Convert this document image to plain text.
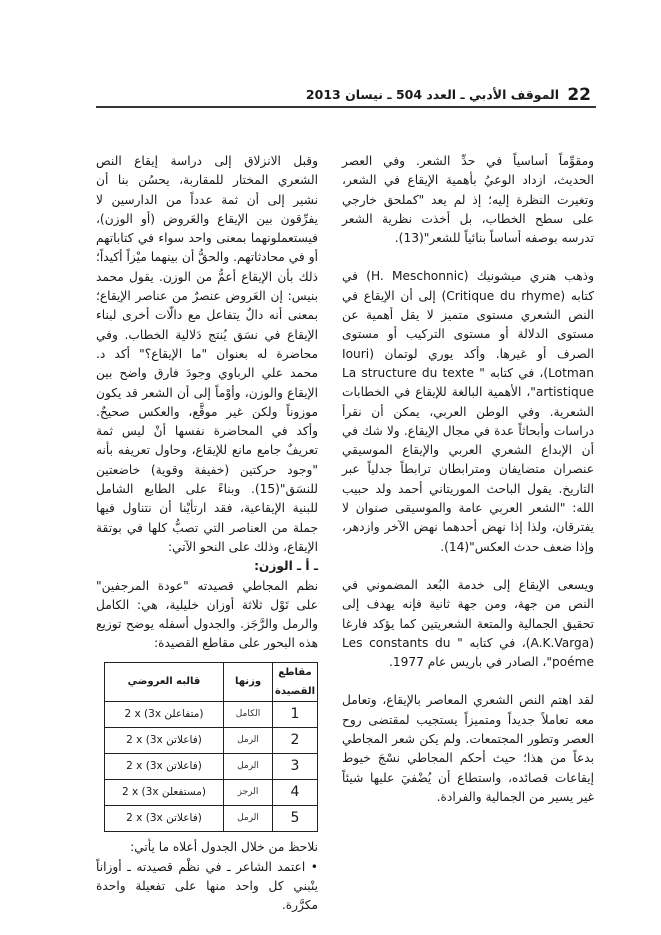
22
الموقف الأدبي ـ العدد 504 ـ نيسان 2013

ومقوِّماً أساسياً في حدِّ الشعر. وفي العصر الحديث، ازداد الوعيُ بأهمية الإيقاع في الشعر، وتغيرت النظرة إليه؛ إذ لم يعد "كملحق خارجي على سطح الخطاب، بل أخذت نظرية الشعر تدرسه بوصفه أساساً بنائياً للشعر"(13).

وذهب هنري ميشونيك (H. Meschonnic) في كتابه (Critique du rhyme) إلى أن الإيقاع في النص الشعري مستوى متميز لا يقل أهمية عن مستوى الدلالة أو مستوى التركيب أو مستوى الصرف أو غيرها. وأكد يوري لوتمان (Iouri Lotman)، في كتابه " La structure du texte artistique"، الأهمية البالغة للإيقاع في الخطابات الشعرية. وفي الوطن العربي، يمكن أن نقرأ دراسات وأبحاثاً عدة في مجال الإيقاع. ولا شك في أن الإبداع الشعري العربي والإيقاع الموسيقي عنصران متضايفان ومترابطان ترابطاً جدلياً عبر التاريخ. يقول الباحث الموريتاني أحمد ولد حبيب الله: "الشعر العربي عامة والموسيقى صنوان لا يفترقان، ولذا إذا نهض أحدهما نهض الآخر وازدهر، وإذا ضعف حدث العكس"(14).

ويسعى الإيقاع إلى خدمة البُعد المضموني في النص من جهة، ومن جهة ثانية فإنه يهدف إلى تحقيق الجمالية والمتعة الشعريتين كما يؤكد فارغا (A.K.Varga)، في كتابه " Les constants du poéme"، الصادر في باريس عام 1977.

لقد اهتم النص الشعري المعاصر بالإيقاع، وتعامل معه تعاملاً جديداً ومتميزاً يستجيب لمقتضى روح العصر وتطور المجتمعات. ولم يكن شعر المجاطي بدعاً من هذا؛ حيث أحكم المجاطي نسْجَ خيوط إيقاعات قصائده، واستطاع أن يُضْفيَ عليها شيئاً غير يسير من الجمالية والفرادة.

وقبل الانزلاق إلى دراسة إيقاع النص الشعري المختار للمقاربة، يحسُن بنا أن نشير إلى أن ثمة عدداً من الدارسين لا يفرِّقون بين الإيقاع والعَروض (أو الوزن)، فيستعملونهما بمعنى واحد سواء في كتاباتهم أو في محادثاتهم. والحقُّ أن بينهما ميْزاً أكيداً؛ ذلك بأن الإيقاع أعمُّ من الوزن. يقول محمد بنيس: إن العَروض عنصرٌ من عناصر الإيقاع؛ بمعنى أنه دالٌ يتفاعل مع دالّات أخرى لبناء الإيقاع في نسَق يُنتج دَلالية الخطاب. وفي محاضرة له بعنوان "ما الإيقاع؟" أكد د. محمد علي الرباوي وجودَ فارق واضح بين الإيقاع والوزن، وأوْماً إلى أن الشعر قد يكون موزوناً ولكن غير موقَّع، والعكس صحيحٌ. وأكد في المحاضرة نفسها أنْ ليس ثمة تعريفٌ جامع مانع للإيقاع، وحاول تعريفه بأنه "وجود حركتين (خفيفة وقوية) خاضعتين للنسَق"(15). وبناءً على الطابع الشامل للبنية الإيقاعية، فقد ارتأيْنا أن نتناول فيها جملة من العناصر التي تصبُّ كلها في بوتقة الإيقاع، وذلك على النحو الآتي:

ـ أ ـ الوزن:

نظم المجاطي قصيدته "عودة المرجفين" على تَوْل ثلاثة أوزان خليلية، هي: الكامل والرمل والرَّجَز. والجدول أسفله يوضح توزيع هذه البحور على مقاطع القصيدة:

مقاطع القصيدة	وزنها	قالبه العروضي
1	الكامل	2 x (3x متفاعلن)
2	الرمل	2 x (3x فاعلاتن)
3	الرمل	2 x (3x فاعلاتن)
4	الرجز	2 x (3x مستفعلن)
5	الرمل	2 x (3x فاعلاتن)

نلاحظ من خلال الجدول أعلاه ما يأتي:

• اعتمد الشاعر ـ في نظْم قصيدته ـ أوزاناً ينْبني كل واحد منها على تفعيلة واحدة مكرَّرة.
